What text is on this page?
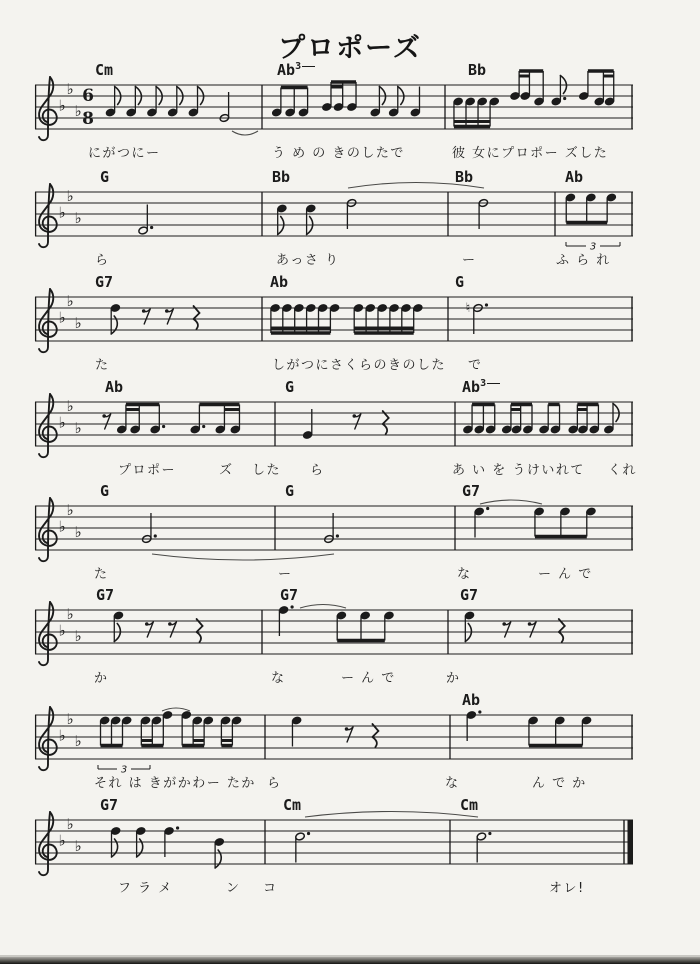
プロポーズ
♭
♭
♭
6
8
Cm	Ab$^3$	Bb
にがつにー	う め の きのしたで	彼 女にプロポー ズした
♭
♭
♭
3
G	Bb	Bb	Ab
ら	あっさ り	ー	ふ ら れ
♭
♭
♭
♮
G7	Ab	G
た	しがつにさくらのきのした で
♭
♭
♭
Ab	G	Ab$^3$
プロポー	ズ した ら	あ い を うけいれて くれ
♭
♭
♭
G	G	G7
た	ー	な	ー ん で
♭
♭
♭
G7	G7	G7
か	な	ー ん で	か
♭
♭
♭
3
Ab
それ は きがかわー たか ら	な	ん で か
♭
♭
♭
G7	Cm	Cm
フ ラ メ	ン コ	オレ!
